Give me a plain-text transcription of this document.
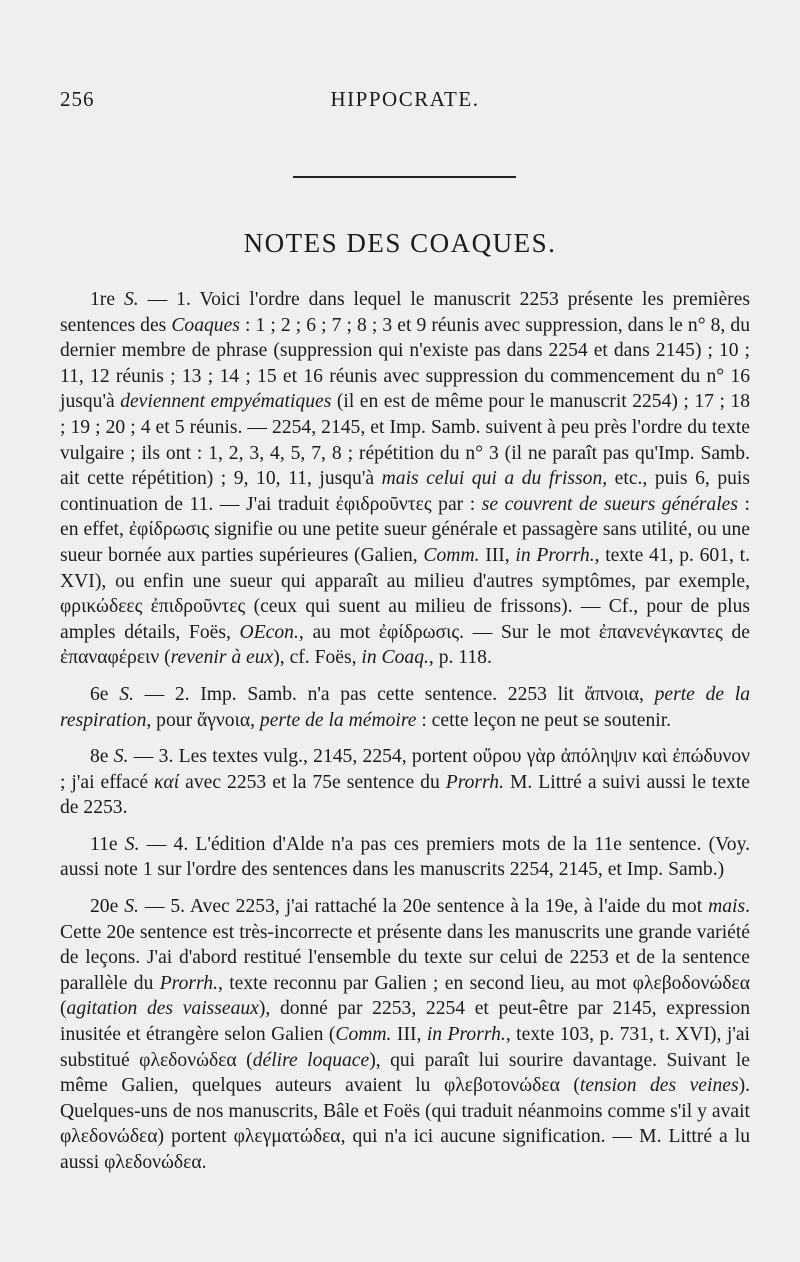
256	HIPPOCRATE.
NOTES DES COAQUES.

1re S. — 1. Voici l'ordre dans lequel le manuscrit 2253 présente les premières sentences des Coaques : 1 ; 2 ; 6 ; 7 ; 8 ; 3 et 9 réunis avec suppression, dans le n° 8, du dernier membre de phrase (suppression qui n'existe pas dans 2254 et dans 2145) ; 10 ; 11, 12 réunis ; 13 ; 14 ; 15 et 16 réunis avec suppression du commencement du n° 16 jusqu'à deviennent empyématiques (il en est de même pour le manuscrit 2254) ; 17 ; 18 ; 19 ; 20 ; 4 et 5 réunis. — 2254, 2145, et Imp. Samb. suivent à peu près l'ordre du texte vulgaire ; ils ont : 1, 2, 3, 4, 5, 7, 8 ; répétition du n° 3 (il ne paraît pas qu'Imp. Samb. ait cette répétition) ; 9, 10, 11, jusqu'à mais celui qui a du frisson, etc., puis 6, puis continuation de 11. — J'ai traduit ἐφιδροῦντες par : se couvrent de sueurs générales : en effet, ἐφίδρωσις signifie ou une petite sueur générale et passagère sans utilité, ou une sueur bornée aux parties supérieures (Galien, Comm. III, in Prorrh., texte 41, p. 601, t. XVI), ou enfin une sueur qui apparaît au milieu d'autres symptômes, par exemple, φρικώδεες ἐπιδροῦντες (ceux qui suent au milieu de frissons). — Cf., pour de plus amples détails, Foës, OEcon., au mot ἐφίδρωσις. — Sur le mot ἐπανενέγκαντες de ἐπαναφέρειν (revenir à eux), cf. Foës, in Coaq., p. 118.

6e S. — 2. Imp. Samb. n'a pas cette sentence. 2253 lit ἄπνοια, perte de la respiration, pour ἄγνοια, perte de la mémoire : cette leçon ne peut se soutenir.

8e S. — 3. Les textes vulg., 2145, 2254, portent οὔρου γὰρ ἀπόληψιν καὶ ἐπώδυνον ; j'ai effacé καί avec 2253 et la 75e sentence du Prorrh. M. Littré a suivi aussi le texte de 2253.

11e S. — 4. L'édition d'Alde n'a pas ces premiers mots de la 11e sentence. (Voy. aussi note 1 sur l'ordre des sentences dans les manuscrits 2254, 2145, et Imp. Samb.)

20e S. — 5. Avec 2253, j'ai rattaché la 20e sentence à la 19e, à l'aide du mot mais. Cette 20e sentence est très-incorrecte et présente dans les manuscrits une grande variété de leçons. J'ai d'abord restitué l'ensemble du texte sur celui de 2253 et de la sentence parallèle du Prorrh., texte reconnu par Galien ; en second lieu, au mot φλεβοδονώδεα (agitation des vaisseaux), donné par 2253, 2254 et peut-être par 2145, expression inusitée et étrangère selon Galien (Comm. III, in Prorrh., texte 103, p. 731, t. XVI), j'ai substitué φλεδονώδεα (délire loquace), qui paraît lui sourire davantage. Suivant le même Galien, quelques auteurs avaient lu φλεβοτονώδεα (tension des veines). Quelques-uns de nos manuscrits, Bâle et Foës (qui traduit néanmoins comme s'il y avait φλεδονώδεα) portent φλεγματώδεα, qui n'a ici aucune signification. — M. Littré a lu aussi φλεδονώδεα.
